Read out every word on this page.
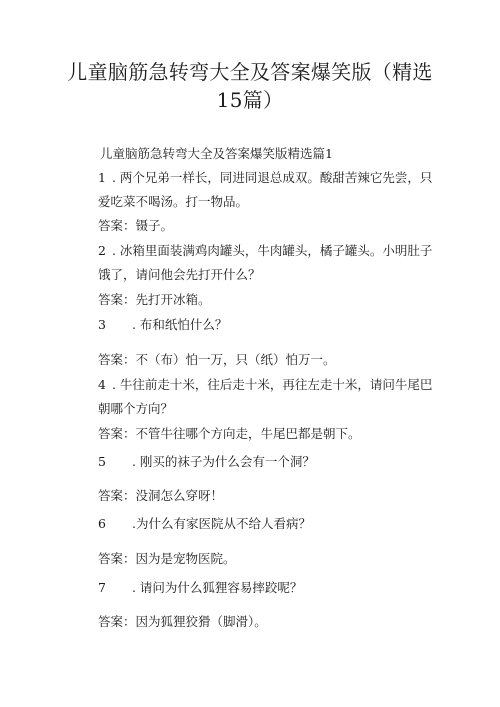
儿童脑筋急转弯大全及答案爆笑版（精选15篇）

儿童脑筋急转弯大全及答案爆笑版精选篇1

1 . 两个兄弟一样长，同进同退总成双。酸甜苦辣它先尝，只爱吃菜不喝汤。打一物品。

答案：镊子。

2 . 冰箱里面装满鸡肉罐头，牛肉罐头，橘子罐头。小明肚子饿了，请问他会先打开什么？

答案：先打开冰箱。

3 . 布和纸怕什么？

答案：不（布）怕一万，只（纸）怕万一。

4 . 牛往前走十米，往后走十米，再往左走十米，请问牛尾巴朝哪个方向？

答案：不管牛往哪个方向走，牛尾巴都是朝下。

5 . 刚买的袜子为什么会有一个洞？

答案：没洞怎么穿呀！

6 .为什么有家医院从不给人看病？

答案：因为是宠物医院。

7 . 请问为什么狐狸容易摔跤呢？

答案：因为狐狸狡猾（脚滑）。
